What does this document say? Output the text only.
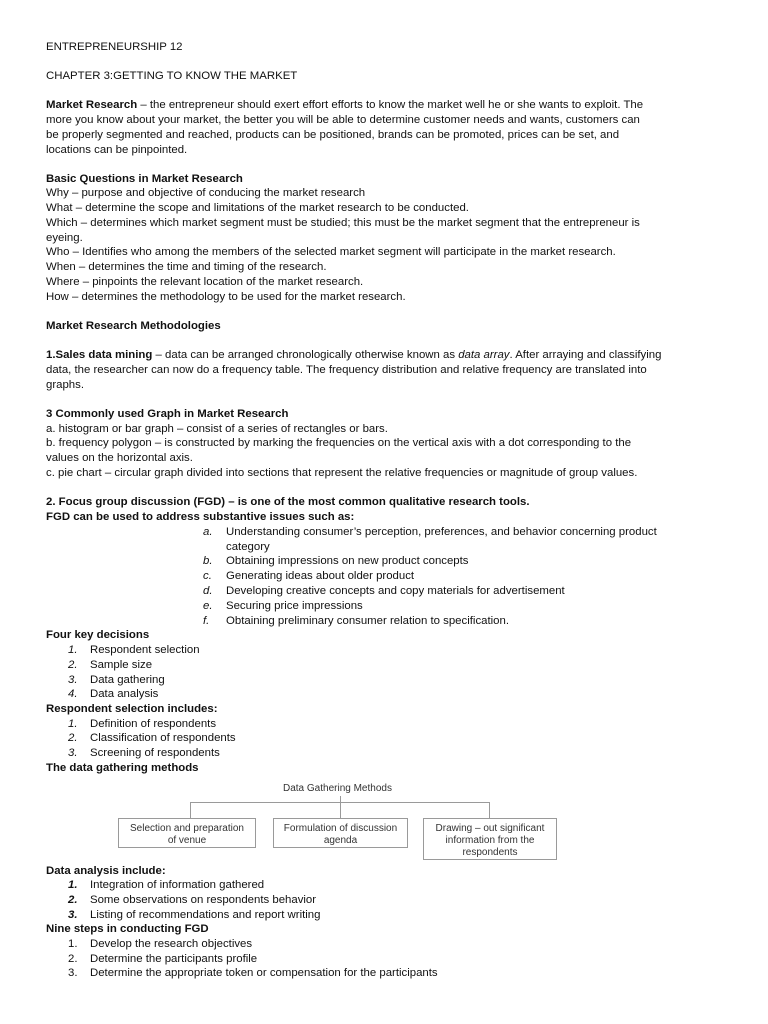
ENTREPRENEURSHIP 12
CHAPTER 3:GETTING TO KNOW THE MARKET
Market Research – the entrepreneur should exert effort efforts to know the market well he or she wants to exploit. The
more you know about your market, the better you will be able to determine customer needs and wants, customers can
be properly segmented and reached, products can be positioned, brands can be promoted, prices can be set, and
locations can be pinpointed.
Basic Questions in Market Research
Why – purpose and objective of conducing the market research
What – determine the scope and limitations of the market research to be conducted.
Which – determines which market segment must be studied; this must be the market segment that the entrepreneur is
eyeing.
Who – Identifies who among the members of the selected market segment will participate in the market research.
When – determines the time and timing of the research.
Where – pinpoints the relevant location of the market research.
How – determines the methodology to be used for the market research.
Market Research Methodologies
1.Sales data mining – data can be arranged chronologically otherwise known as data array. After arraying and classifying
data, the researcher can now do a frequency table. The frequency distribution and relative frequency are translated into
graphs.
3 Commonly used Graph in Market Research
a. histogram or bar graph – consist of a series of rectangles or bars.
b. frequency polygon – is constructed by marking the frequencies on the vertical axis with a dot corresponding to the
values on the horizontal axis.
c. pie chart – circular graph divided into sections that represent the relative frequencies or magnitude of group values.
2. Focus group discussion (FGD) – is one of the most common qualitative research tools.
FGD can be used to address substantive issues such as:
a. Understanding consumer’s perception, preferences, and behavior concerning product
category
b. Obtaining impressions on new product concepts
c. Generating ideas about older product
d. Developing creative concepts and copy materials for advertisement
e. Securing price impressions
f. Obtaining preliminary consumer relation to specification.
Four key decisions
1. Respondent selection
2. Sample size
3. Data gathering
4. Data analysis
Respondent selection includes:
1. Definition of respondents
2. Classification of respondents
3. Screening of respondents
The data gathering methods
Data Gathering Methods
Selection and preparation
of venue
Formulation of discussion
agenda
Drawing – out significant
information from the
respondents
Data analysis include:
1. Integration of information gathered
2. Some observations on respondents behavior
3. Listing of recommendations and report writing
Nine steps in conducting FGD
1. Develop the research objectives
2. Determine the participants profile
3. Determine the appropriate token or compensation for the participants
